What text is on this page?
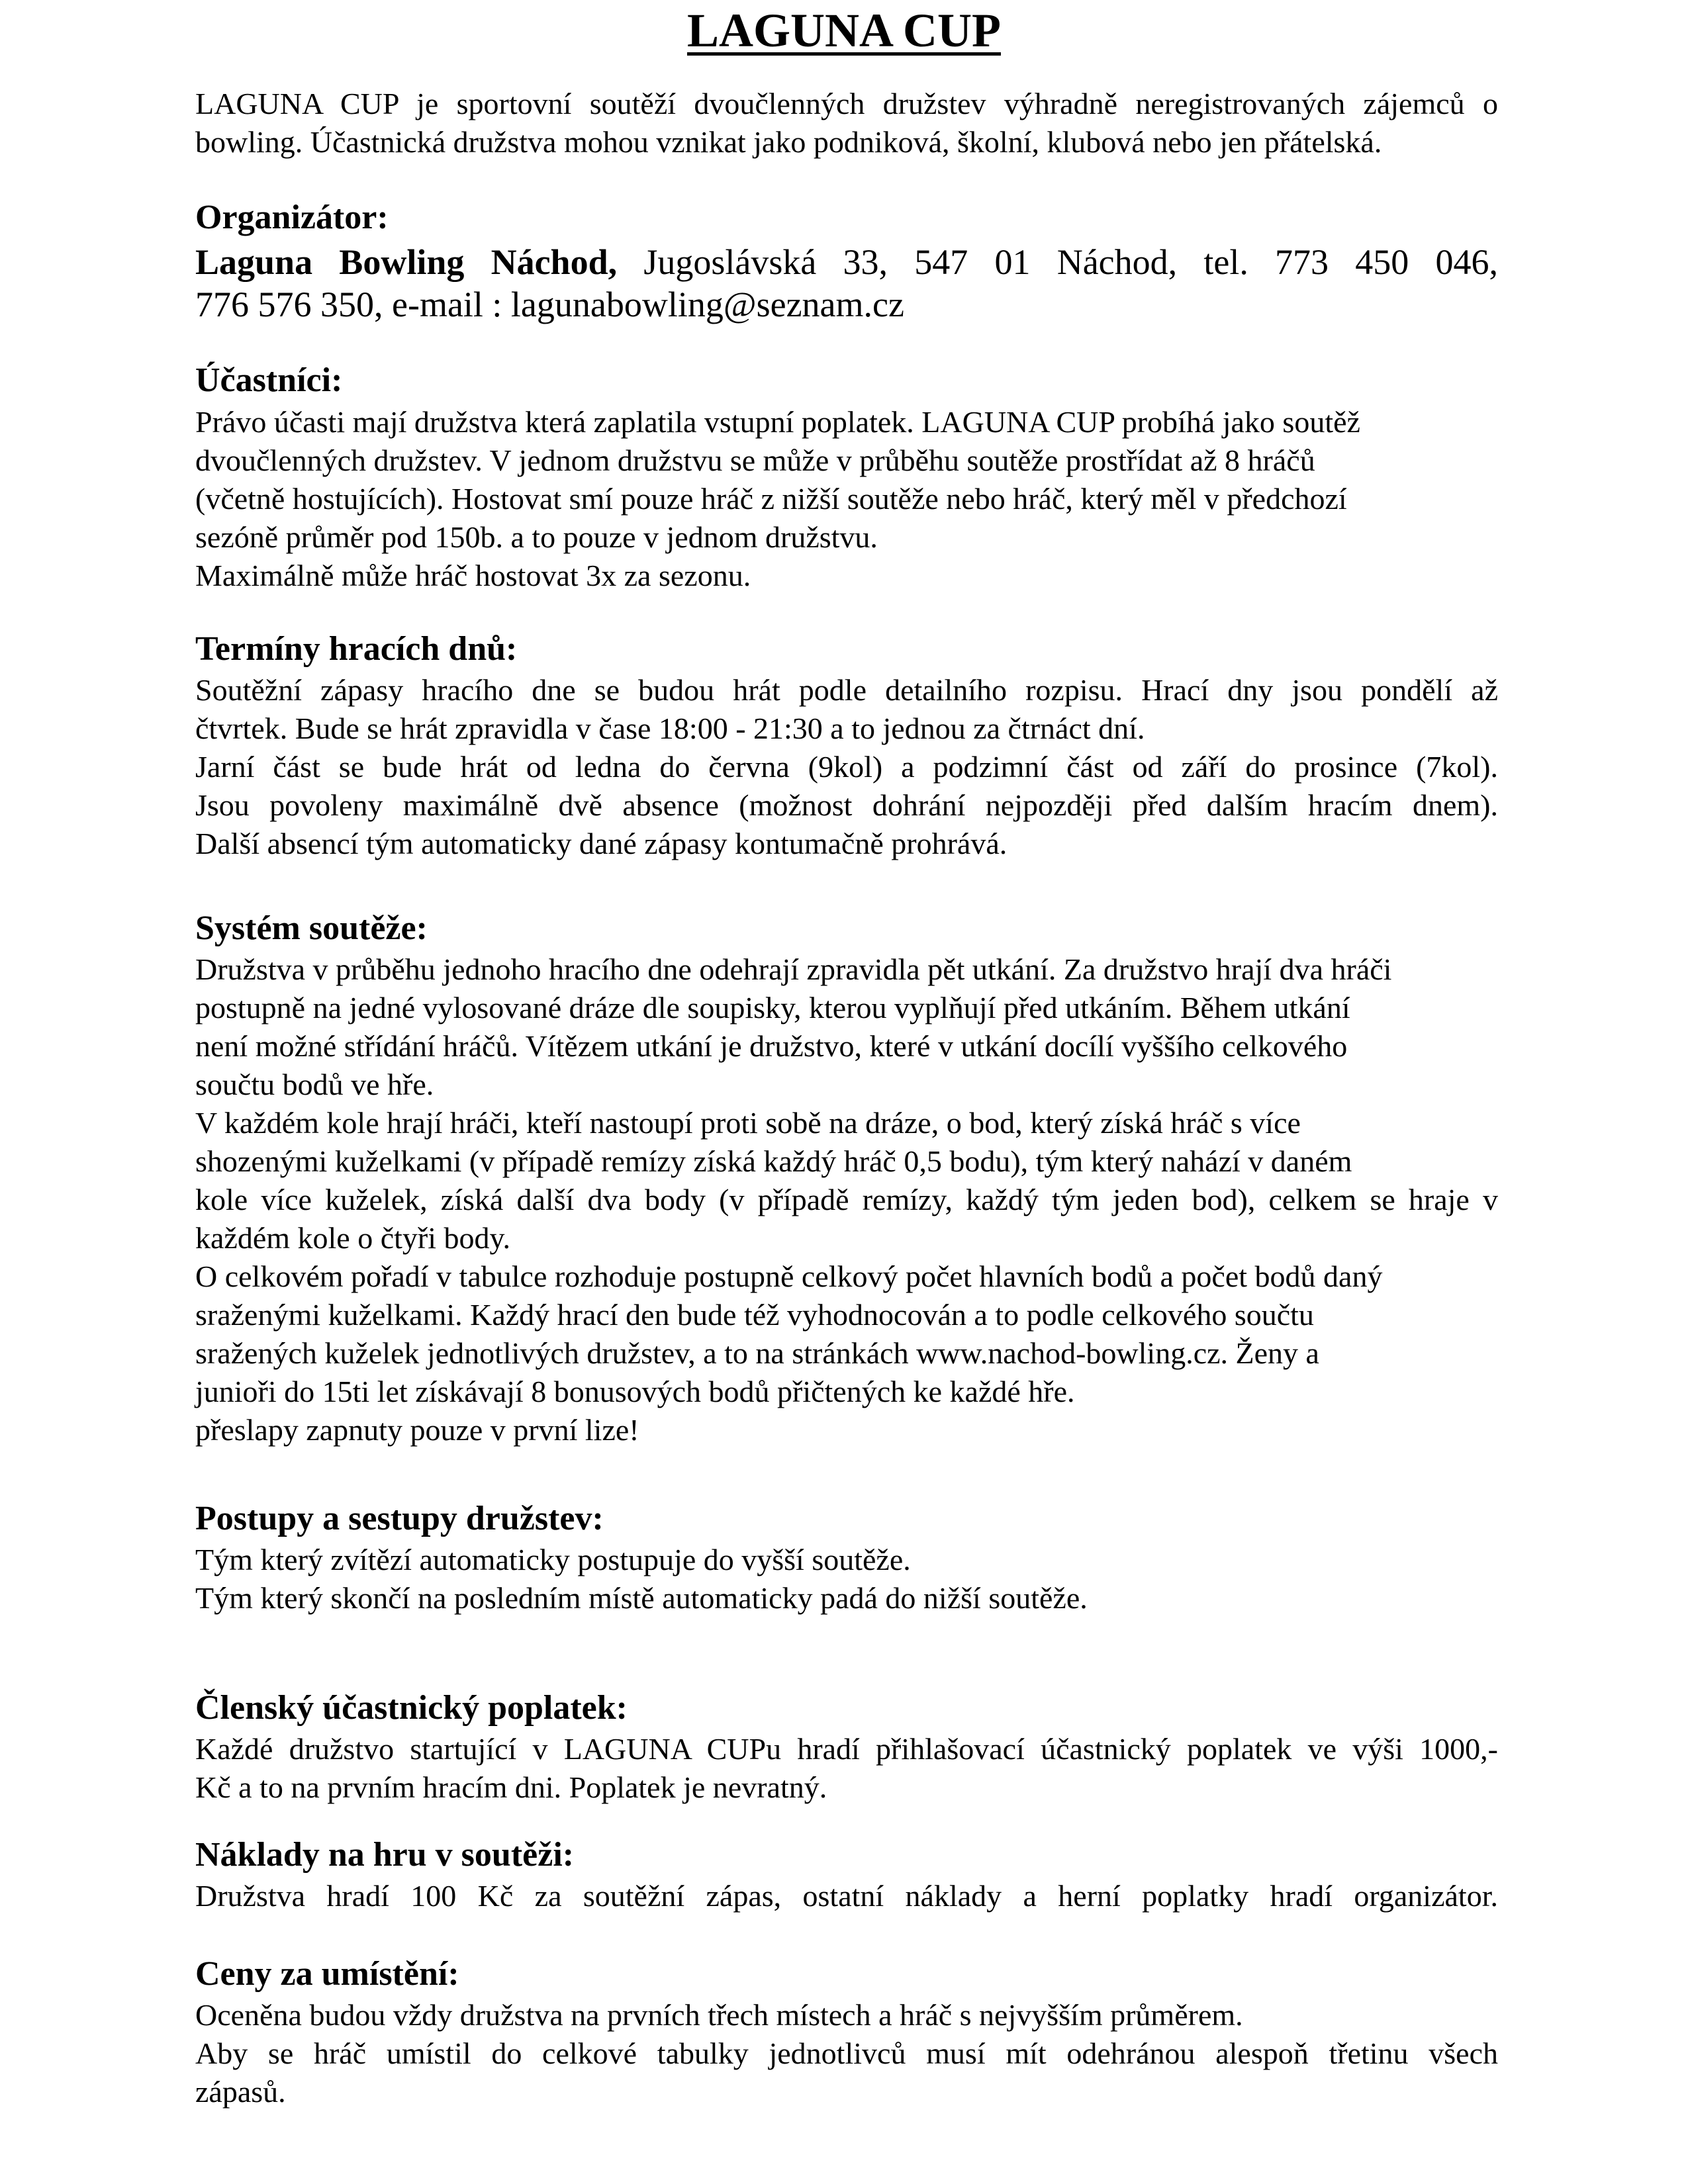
LAGUNA CUP
LAGUNA CUP je sportovní soutěží dvoučlenných družstev výhradně neregistrovaných zájemců o
bowling. Účastnická družstva mohou vznikat jako podniková, školní, klubová nebo jen přátelská.
Organizátor:
Laguna Bowling Náchod, Jugoslávská 33, 547 01 Náchod, tel. 773 450 046,
776 576 350, e-mail : lagunabowling@seznam.cz
Účastníci:
Právo účasti mají družstva která zaplatila vstupní poplatek. LAGUNA CUP probíhá jako soutěž
dvoučlenných družstev. V jednom družstvu se může v průběhu soutěže prostřídat až 8 hráčů
(včetně hostujících). Hostovat smí pouze hráč z nižší soutěže nebo hráč, který měl v předchozí
sezóně průměr pod 150b. a to pouze v jednom družstvu.
Maximálně může hráč hostovat 3x za sezonu.
Termíny hracích dnů:
Soutěžní zápasy hracího dne se budou hrát podle detailního rozpisu. Hrací dny jsou pondělí až
čtvrtek. Bude se hrát zpravidla v čase 18:00 - 21:30 a to jednou za čtrnáct dní.
Jarní část se bude hrát od ledna do června (9kol) a podzimní část od září do prosince (7kol).
Jsou povoleny maximálně dvě absence (možnost dohrání nejpozději před dalším hracím dnem).
Další absencí tým automaticky dané zápasy kontumačně prohrává.
Systém soutěže:
Družstva v průběhu jednoho hracího dne odehrají zpravidla pět utkání. Za družstvo hrají dva hráči
postupně na jedné vylosované dráze dle soupisky, kterou vyplňují před utkáním. Během utkání
není možné střídání hráčů. Vítězem utkání je družstvo, které v utkání docílí vyššího celkového
součtu bodů ve hře.
V každém kole hrají hráči, kteří nastoupí proti sobě na dráze, o bod, který získá hráč s více
shozenými kuželkami (v případě remízy získá každý hráč 0,5 bodu), tým který nahází v daném
kole více kuželek, získá další dva body (v případě remízy, každý tým jeden bod), celkem se hraje v
každém kole o čtyři body.
O celkovém pořadí v tabulce rozhoduje postupně celkový počet hlavních bodů a počet bodů daný
sraženými kuželkami. Každý hrací den bude též vyhodnocován a to podle celkového součtu
sražených kuželek jednotlivých družstev, a to na stránkách www.nachod-bowling.cz. Ženy a
junioři do 15ti let získávají 8 bonusových bodů přičtených ke každé hře.
přeslapy zapnuty pouze v první lize!
Postupy a sestupy družstev:
Tým který zvítězí automaticky postupuje do vyšší soutěže.
Tým který skončí na posledním místě automaticky padá do nižší soutěže.
Členský účastnický poplatek:
Každé družstvo startující v LAGUNA CUPu hradí přihlašovací účastnický poplatek ve výši 1000,-
Kč a to na prvním hracím dni. Poplatek je nevratný.
Náklady na hru v soutěži:
Družstva hradí 100 Kč za soutěžní zápas, ostatní náklady a herní poplatky hradí organizátor.
Ceny za umístění:
Oceněna budou vždy družstva na prvních třech místech a hráč s nejvyšším průměrem.
Aby se hráč umístil do celkové tabulky jednotlivců musí mít odehránou alespoň třetinu všech
zápasů.
